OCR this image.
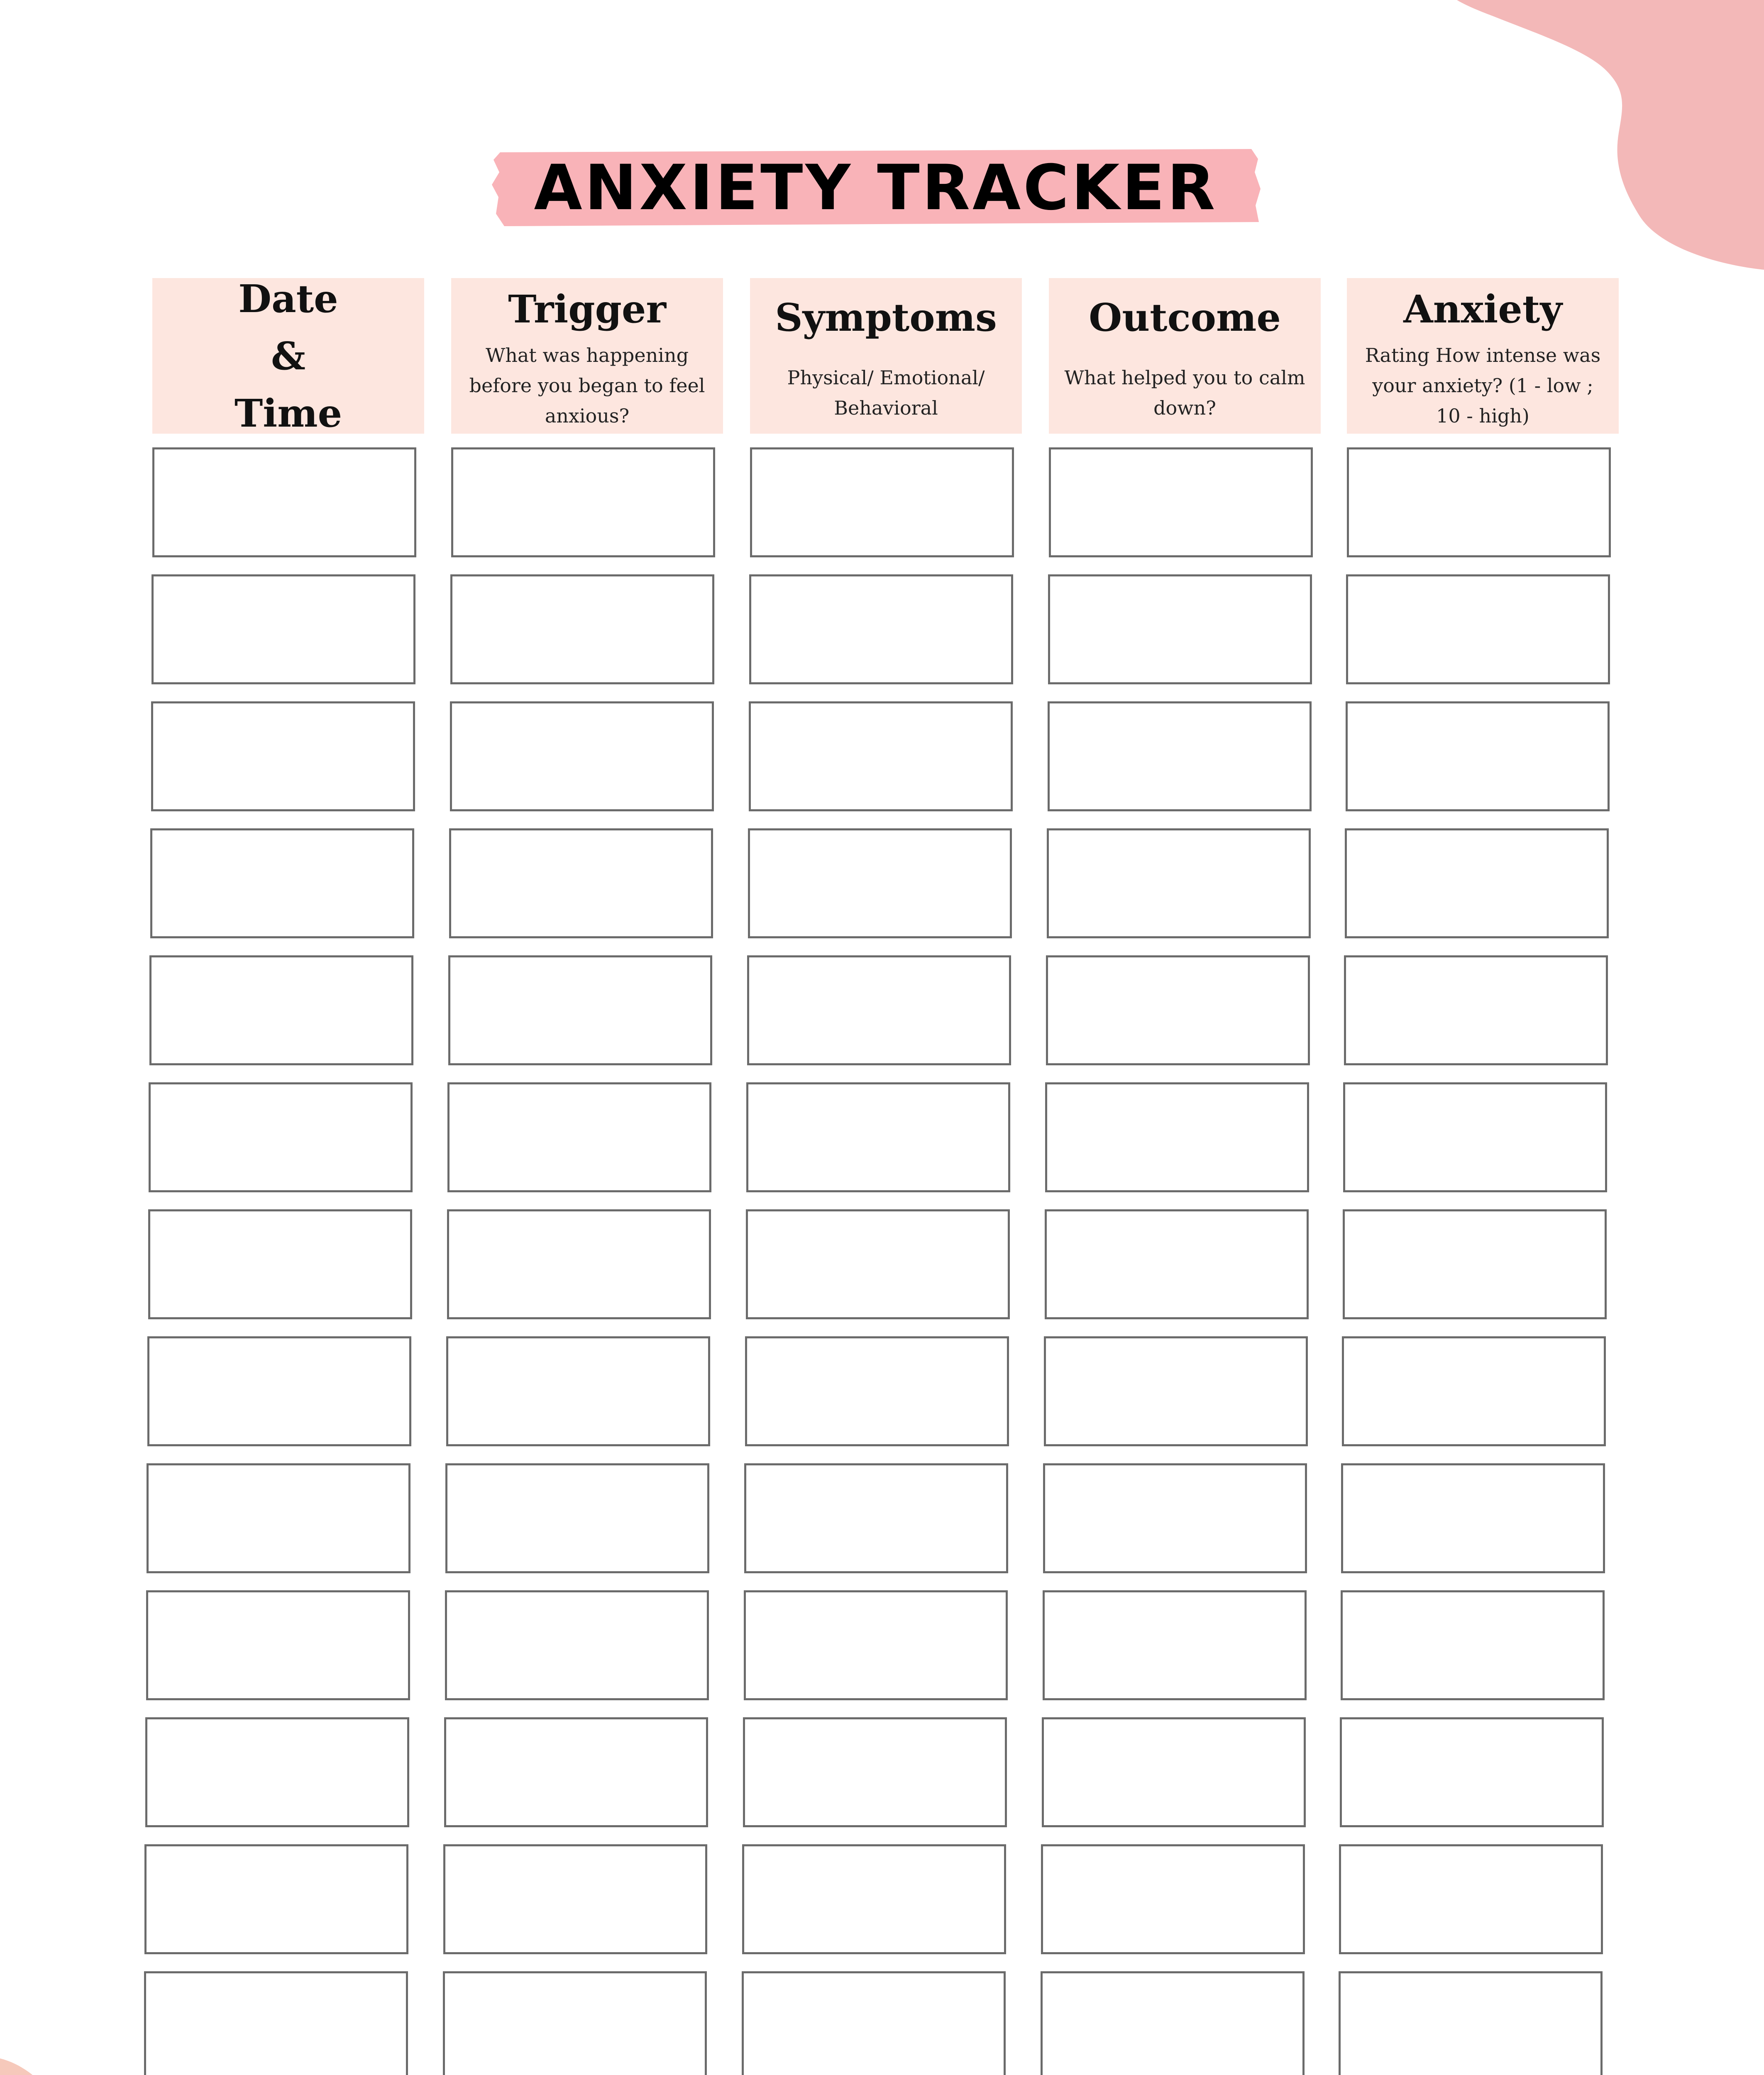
ANXIETY TRACKER
Date & Time
Trigger
What was happening before you began to feel anxious?
Symptoms
Physical/ Emotional/ Behavioral
Outcome
What helped you to calm down?
Anxiety
Rating How intense was your anxiety? (1 - low ; 10 - high)
